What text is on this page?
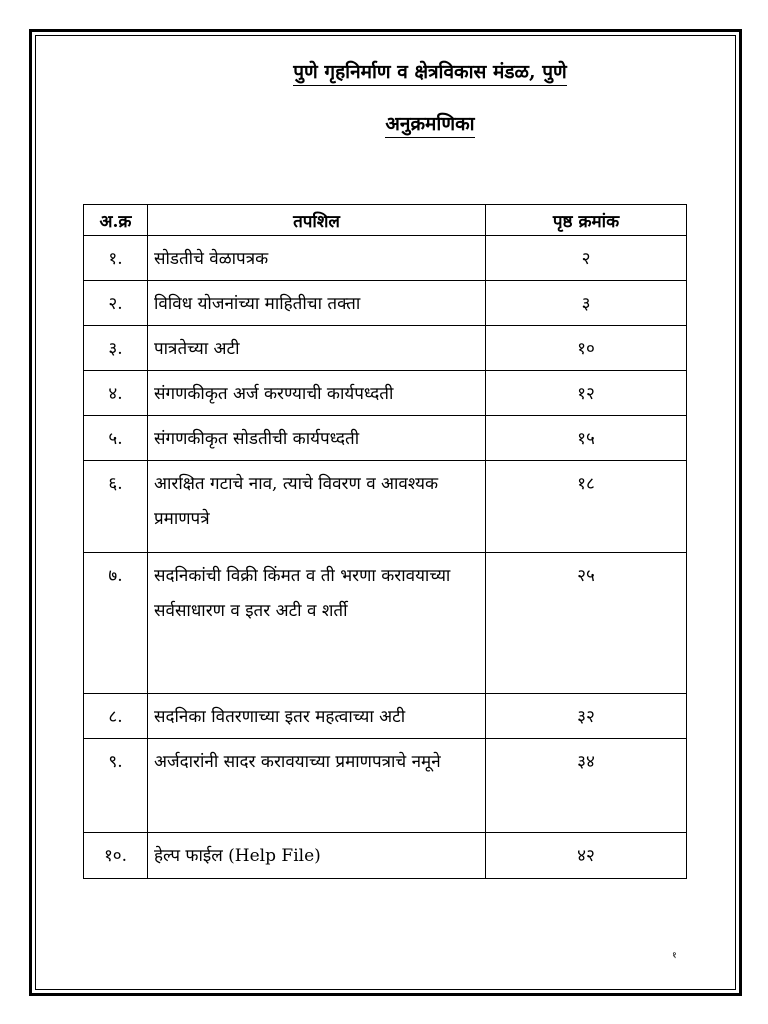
पुणे गृहनिर्माण व क्षेत्रविकास मंडळ, पुणे
अनुक्रमणिका
अ.क्र	तपशिल	पृष्ठ क्रमांक
१.	सोडतीचे वेळापत्रक	२
२.	विविध योजनांच्या माहितीचा तक्ता	३
३.	पात्रतेच्या अटी	१०
४.	संगणकीकृत अर्ज करण्याची कार्यपध्दती	१२
५.	संगणकीकृत सोडतीची कार्यपध्दती	१५
६.	आरक्षित गटाचे नाव, त्याचे विवरण व आवश्यक प्रमाणपत्रे	१८
७.	सदनिकांची विक्री किंमत व ती भरणा करावयाच्या सर्वसाधारण व इतर अटी व शर्ती	२५
८.	सदनिका वितरणाच्या इतर महत्वाच्या अटी	३२
९.	अर्जदारांनी सादर करावयाच्या प्रमाणपत्राचे नमूने	३४
१०.	हेल्प फाईल (Help File)	४२
१
